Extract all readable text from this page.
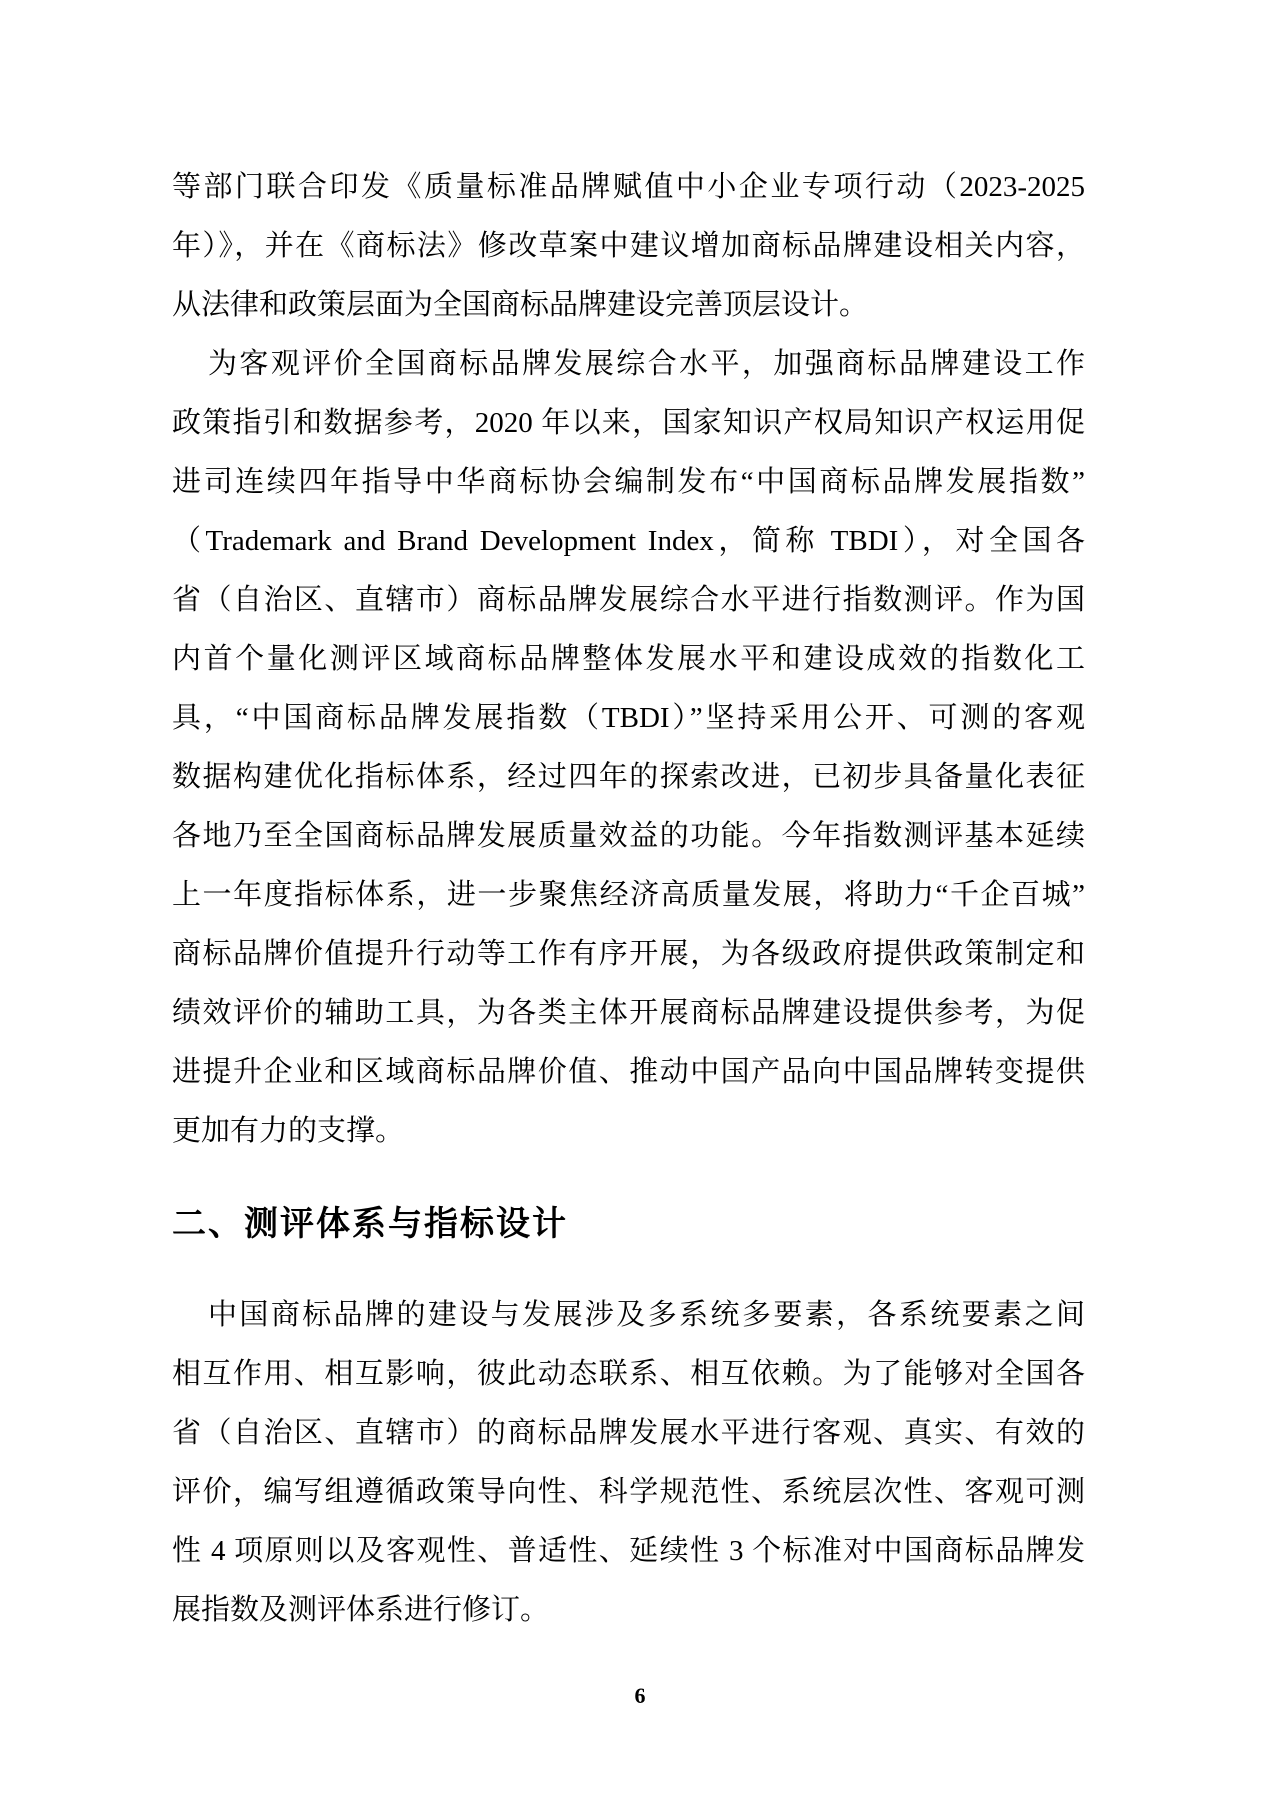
等部门联合印发《质量标准品牌赋值中小企业专项行动（2023-2025
年）》，并在《商标法》修改草案中建议增加商标品牌建设相关内容，
从法律和政策层面为全国商标品牌建设完善顶层设计。
为客观评价全国商标品牌发展综合水平，加强商标品牌建设工作
政策指引和数据参考，2020 年以来，国家知识产权局知识产权运用促
进司连续四年指导中华商标协会编制发布“中国商标品牌发展指数”
（Trademark and Brand Development Index，简称 TBDI），对全国各
省（自治区、直辖市）商标品牌发展综合水平进行指数测评。作为国
内首个量化测评区域商标品牌整体发展水平和建设成效的指数化工
具，“中国商标品牌发展指数（TBDI）”坚持采用公开、可测的客观
数据构建优化指标体系，经过四年的探索改进，已初步具备量化表征
各地乃至全国商标品牌发展质量效益的功能。今年指数测评基本延续
上一年度指标体系，进一步聚焦经济高质量发展，将助力“千企百城”
商标品牌价值提升行动等工作有序开展，为各级政府提供政策制定和
绩效评价的辅助工具，为各类主体开展商标品牌建设提供参考，为促
进提升企业和区域商标品牌价值、推动中国产品向中国品牌转变提供
更加有力的支撑。
二、测评体系与指标设计
中国商标品牌的建设与发展涉及多系统多要素，各系统要素之间
相互作用、相互影响，彼此动态联系、相互依赖。为了能够对全国各
省（自治区、直辖市）的商标品牌发展水平进行客观、真实、有效的
评价，编写组遵循政策导向性、科学规范性、系统层次性、客观可测
性 4 项原则以及客观性、普适性、延续性 3 个标准对中国商标品牌发
展指数及测评体系进行修订。
6
